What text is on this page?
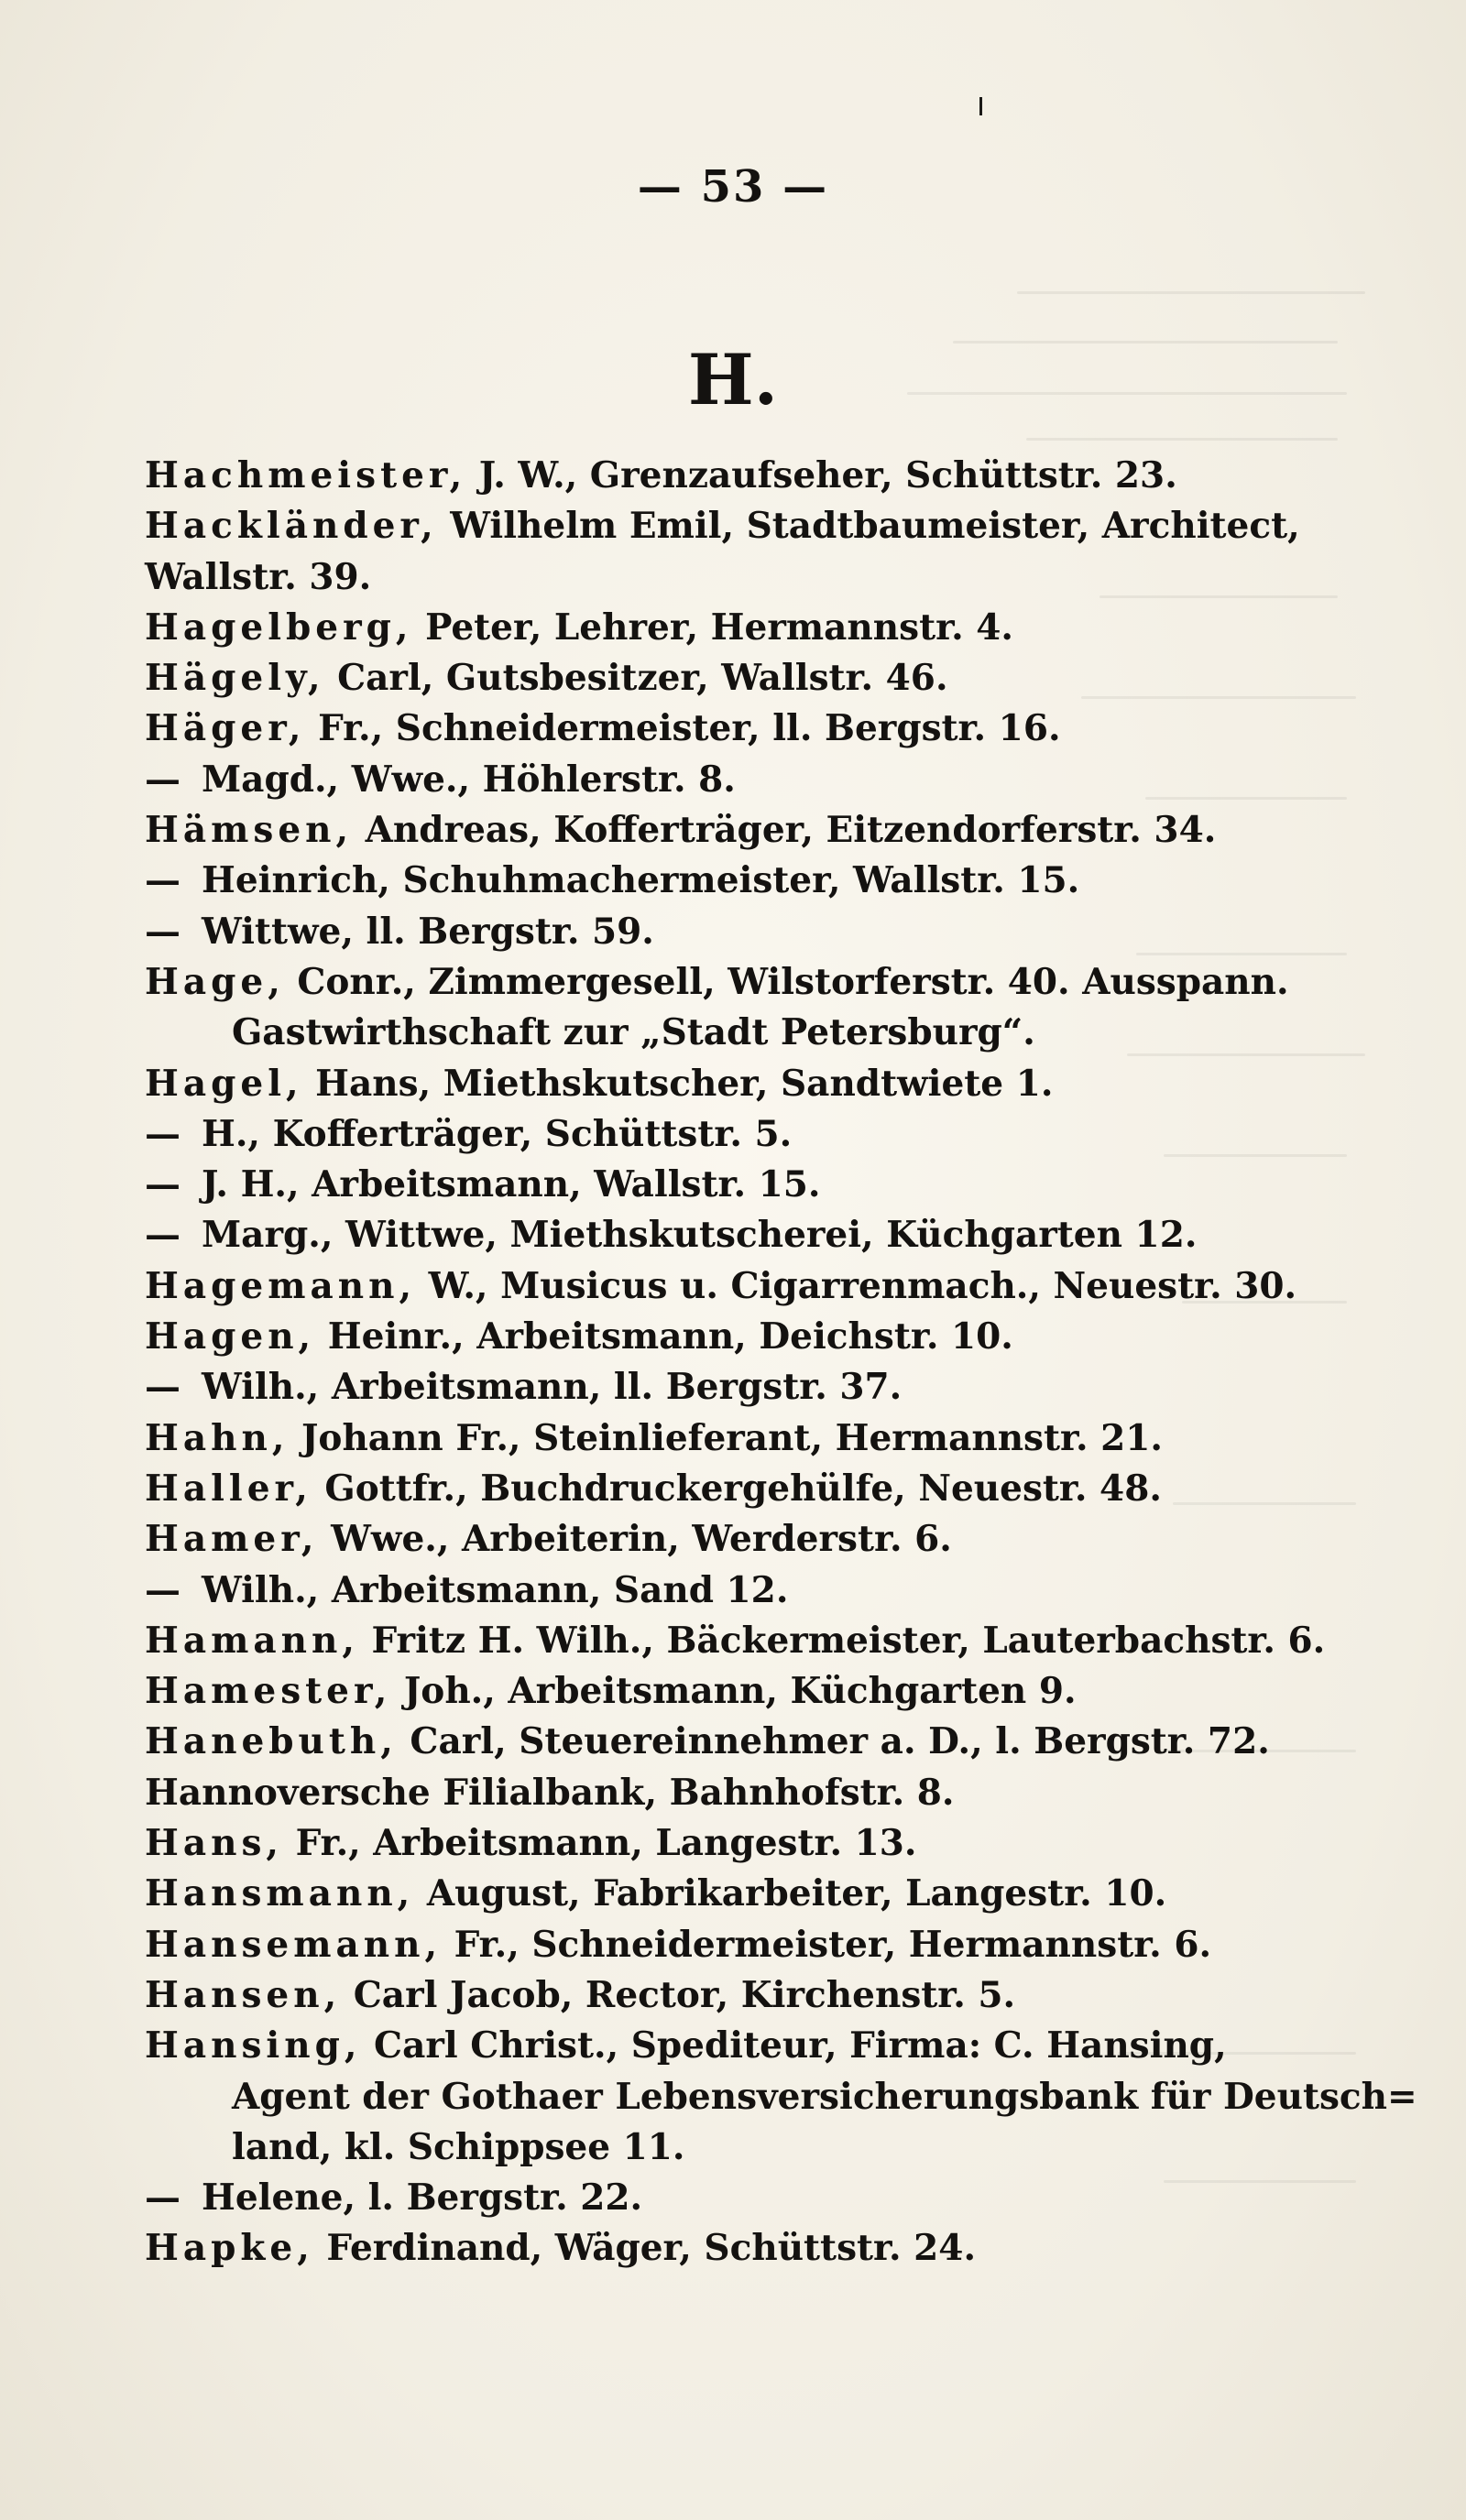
— 53 —
H.
Hachmeister, J. W., Grenzaufseher, Schüttstr. 23.
Hackländer, Wilhelm Emil, Stadtbaumeister, Architect,
Wallstr. 39.
Hagelberg, Peter, Lehrer, Hermannstr. 4.
Hägely, Carl, Gutsbesitzer, Wallstr. 46.
Häger, Fr., Schneidermeister, ll. Bergstr. 16.
— Magd., Wwe., Höhlerstr. 8.
Hämsen, Andreas, Kofferträger, Eitzendorferstr. 34.
— Heinrich, Schuhmachermeister, Wallstr. 15.
— Wittwe, ll. Bergstr. 59.
Hage, Conr., Zimmergesell, Wilstorferstr. 40. Ausspann.
Gastwirthschaft zur „Stadt Petersburg“.
Hagel, Hans, Miethskutscher, Sandtwiete 1.
— H., Kofferträger, Schüttstr. 5.
— J. H., Arbeitsmann, Wallstr. 15.
— Marg., Wittwe, Miethskutscherei, Küchgarten 12.
Hagemann, W., Musicus u. Cigarrenmach., Neuestr. 30.
Hagen, Heinr., Arbeitsmann, Deichstr. 10.
— Wilh., Arbeitsmann, ll. Bergstr. 37.
Hahn, Johann Fr., Steinlieferant, Hermannstr. 21.
Haller, Gottfr., Buchdruckergehülfe, Neuestr. 48.
Hamer, Wwe., Arbeiterin, Werderstr. 6.
— Wilh., Arbeitsmann, Sand 12.
Hamann, Fritz H. Wilh., Bäckermeister, Lauterbachstr. 6.
Hamester, Joh., Arbeitsmann, Küchgarten 9.
Hanebuth, Carl, Steuereinnehmer a. D., l. Bergstr. 72.
Hannoversche Filialbank, Bahnhofstr. 8.
Hans, Fr., Arbeitsmann, Langestr. 13.
Hansmann, August, Fabrikarbeiter, Langestr. 10.
Hansemann, Fr., Schneidermeister, Hermannstr. 6.
Hansen, Carl Jacob, Rector, Kirchenstr. 5.
Hansing, Carl Christ., Spediteur, Firma: C. Hansing,
Agent der Gothaer Lebensversicherungsbank für Deutsch=
land, kl. Schippsee 11.
— Helene, l. Bergstr. 22.
Hapke, Ferdinand, Wäger, Schüttstr. 24.
